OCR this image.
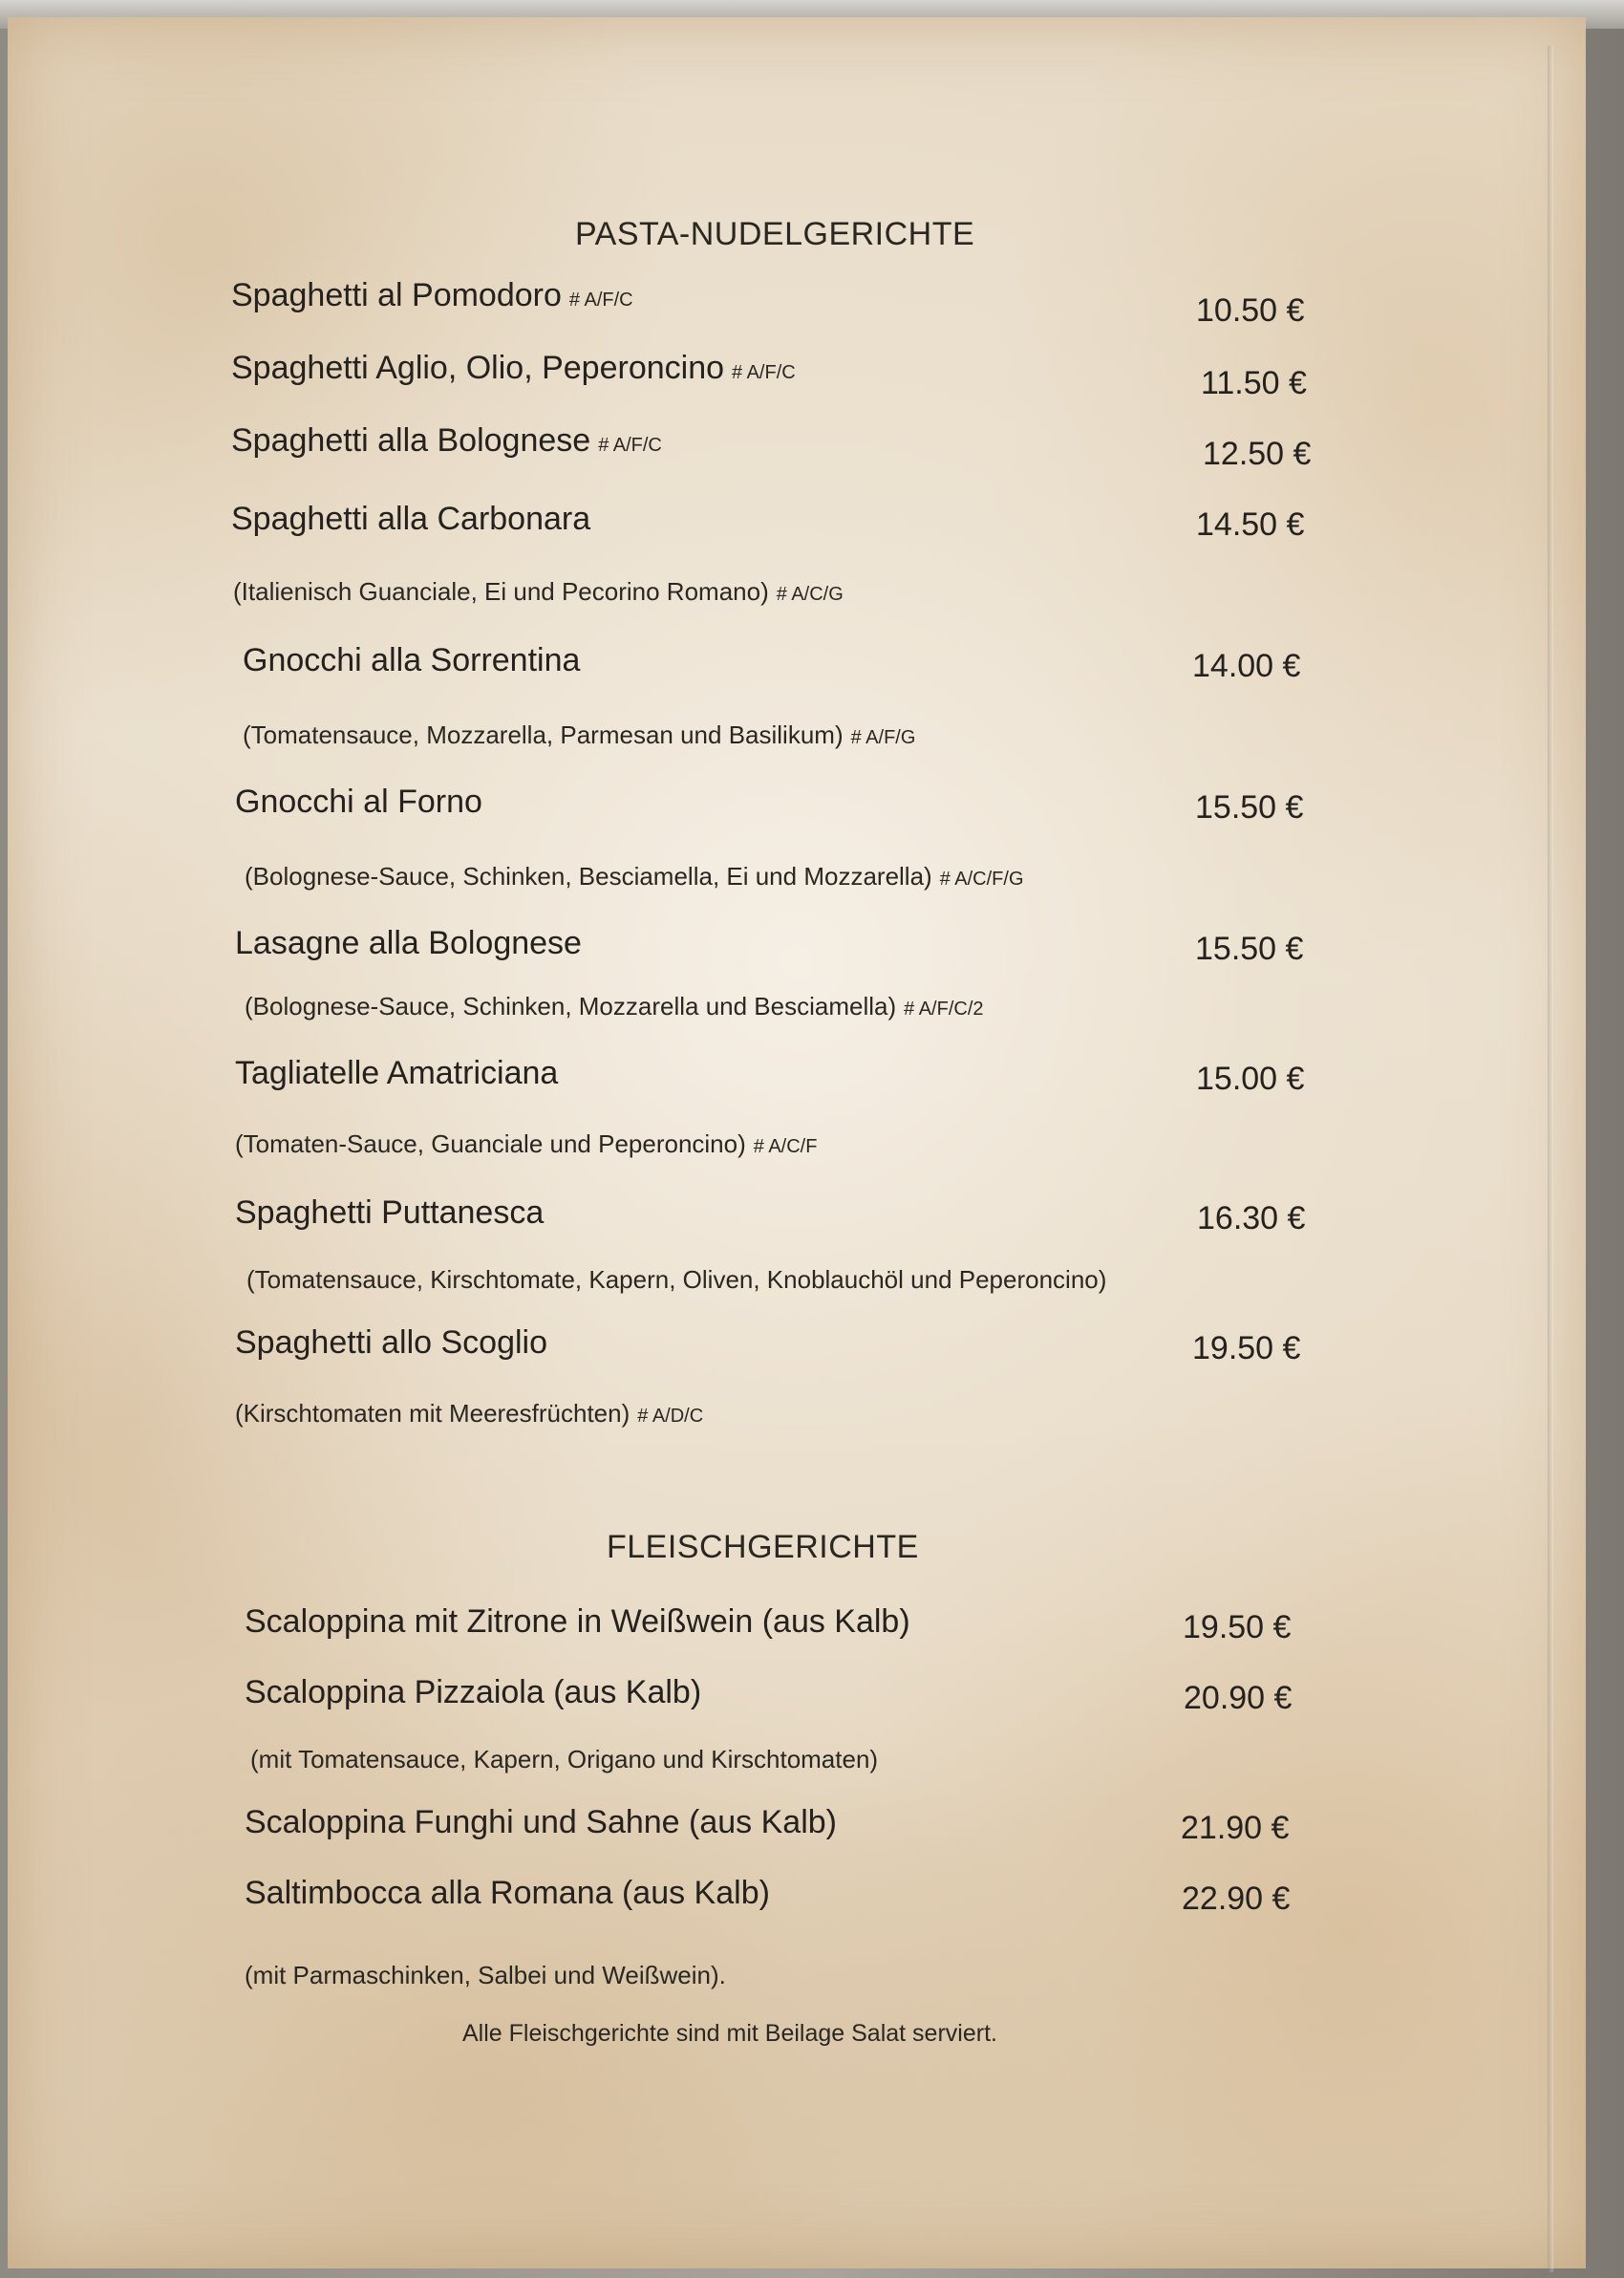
PASTA-NUDELGERICHTE
Spaghetti al Pomodoro # A/F/C	10.50 €
Spaghetti Aglio, Olio, Peperoncino # A/F/C	11.50 €
Spaghetti alla Bolognese # A/F/C	12.50 €
Spaghetti alla Carbonara	14.50 €
(Italienisch Guanciale, Ei und Pecorino Romano) # A/C/G
Gnocchi alla Sorrentina	14.00 €
(Tomatensauce, Mozzarella, Parmesan und Basilikum) # A/F/G
Gnocchi al Forno	15.50 €
(Bolognese-Sauce, Schinken, Besciamella, Ei und Mozzarella) # A/C/F/G
Lasagne alla Bolognese	15.50 €
(Bolognese-Sauce, Schinken, Mozzarella und Besciamella) # A/F/C/2
Tagliatelle Amatriciana	15.00 €
(Tomaten-Sauce, Guanciale und Peperoncino) # A/C/F
Spaghetti Puttanesca	16.30 €
(Tomatensauce, Kirschtomate, Kapern, Oliven, Knoblauchöl und Peperoncino)
Spaghetti allo Scoglio	19.50 €
(Kirschtomaten mit Meeresfrüchten) # A/D/C
FLEISCHGERICHTE
Scaloppina mit Zitrone in Weißwein (aus Kalb)	19.50 €
Scaloppina Pizzaiola (aus Kalb)	20.90 €
(mit Tomatensauce, Kapern, Origano und Kirschtomaten)
Scaloppina Funghi und Sahne (aus Kalb)	21.90 €
Saltimbocca alla Romana (aus Kalb)	22.90 €
(mit Parmaschinken, Salbei und Weißwein).
Alle Fleischgerichte sind mit Beilage Salat serviert.
